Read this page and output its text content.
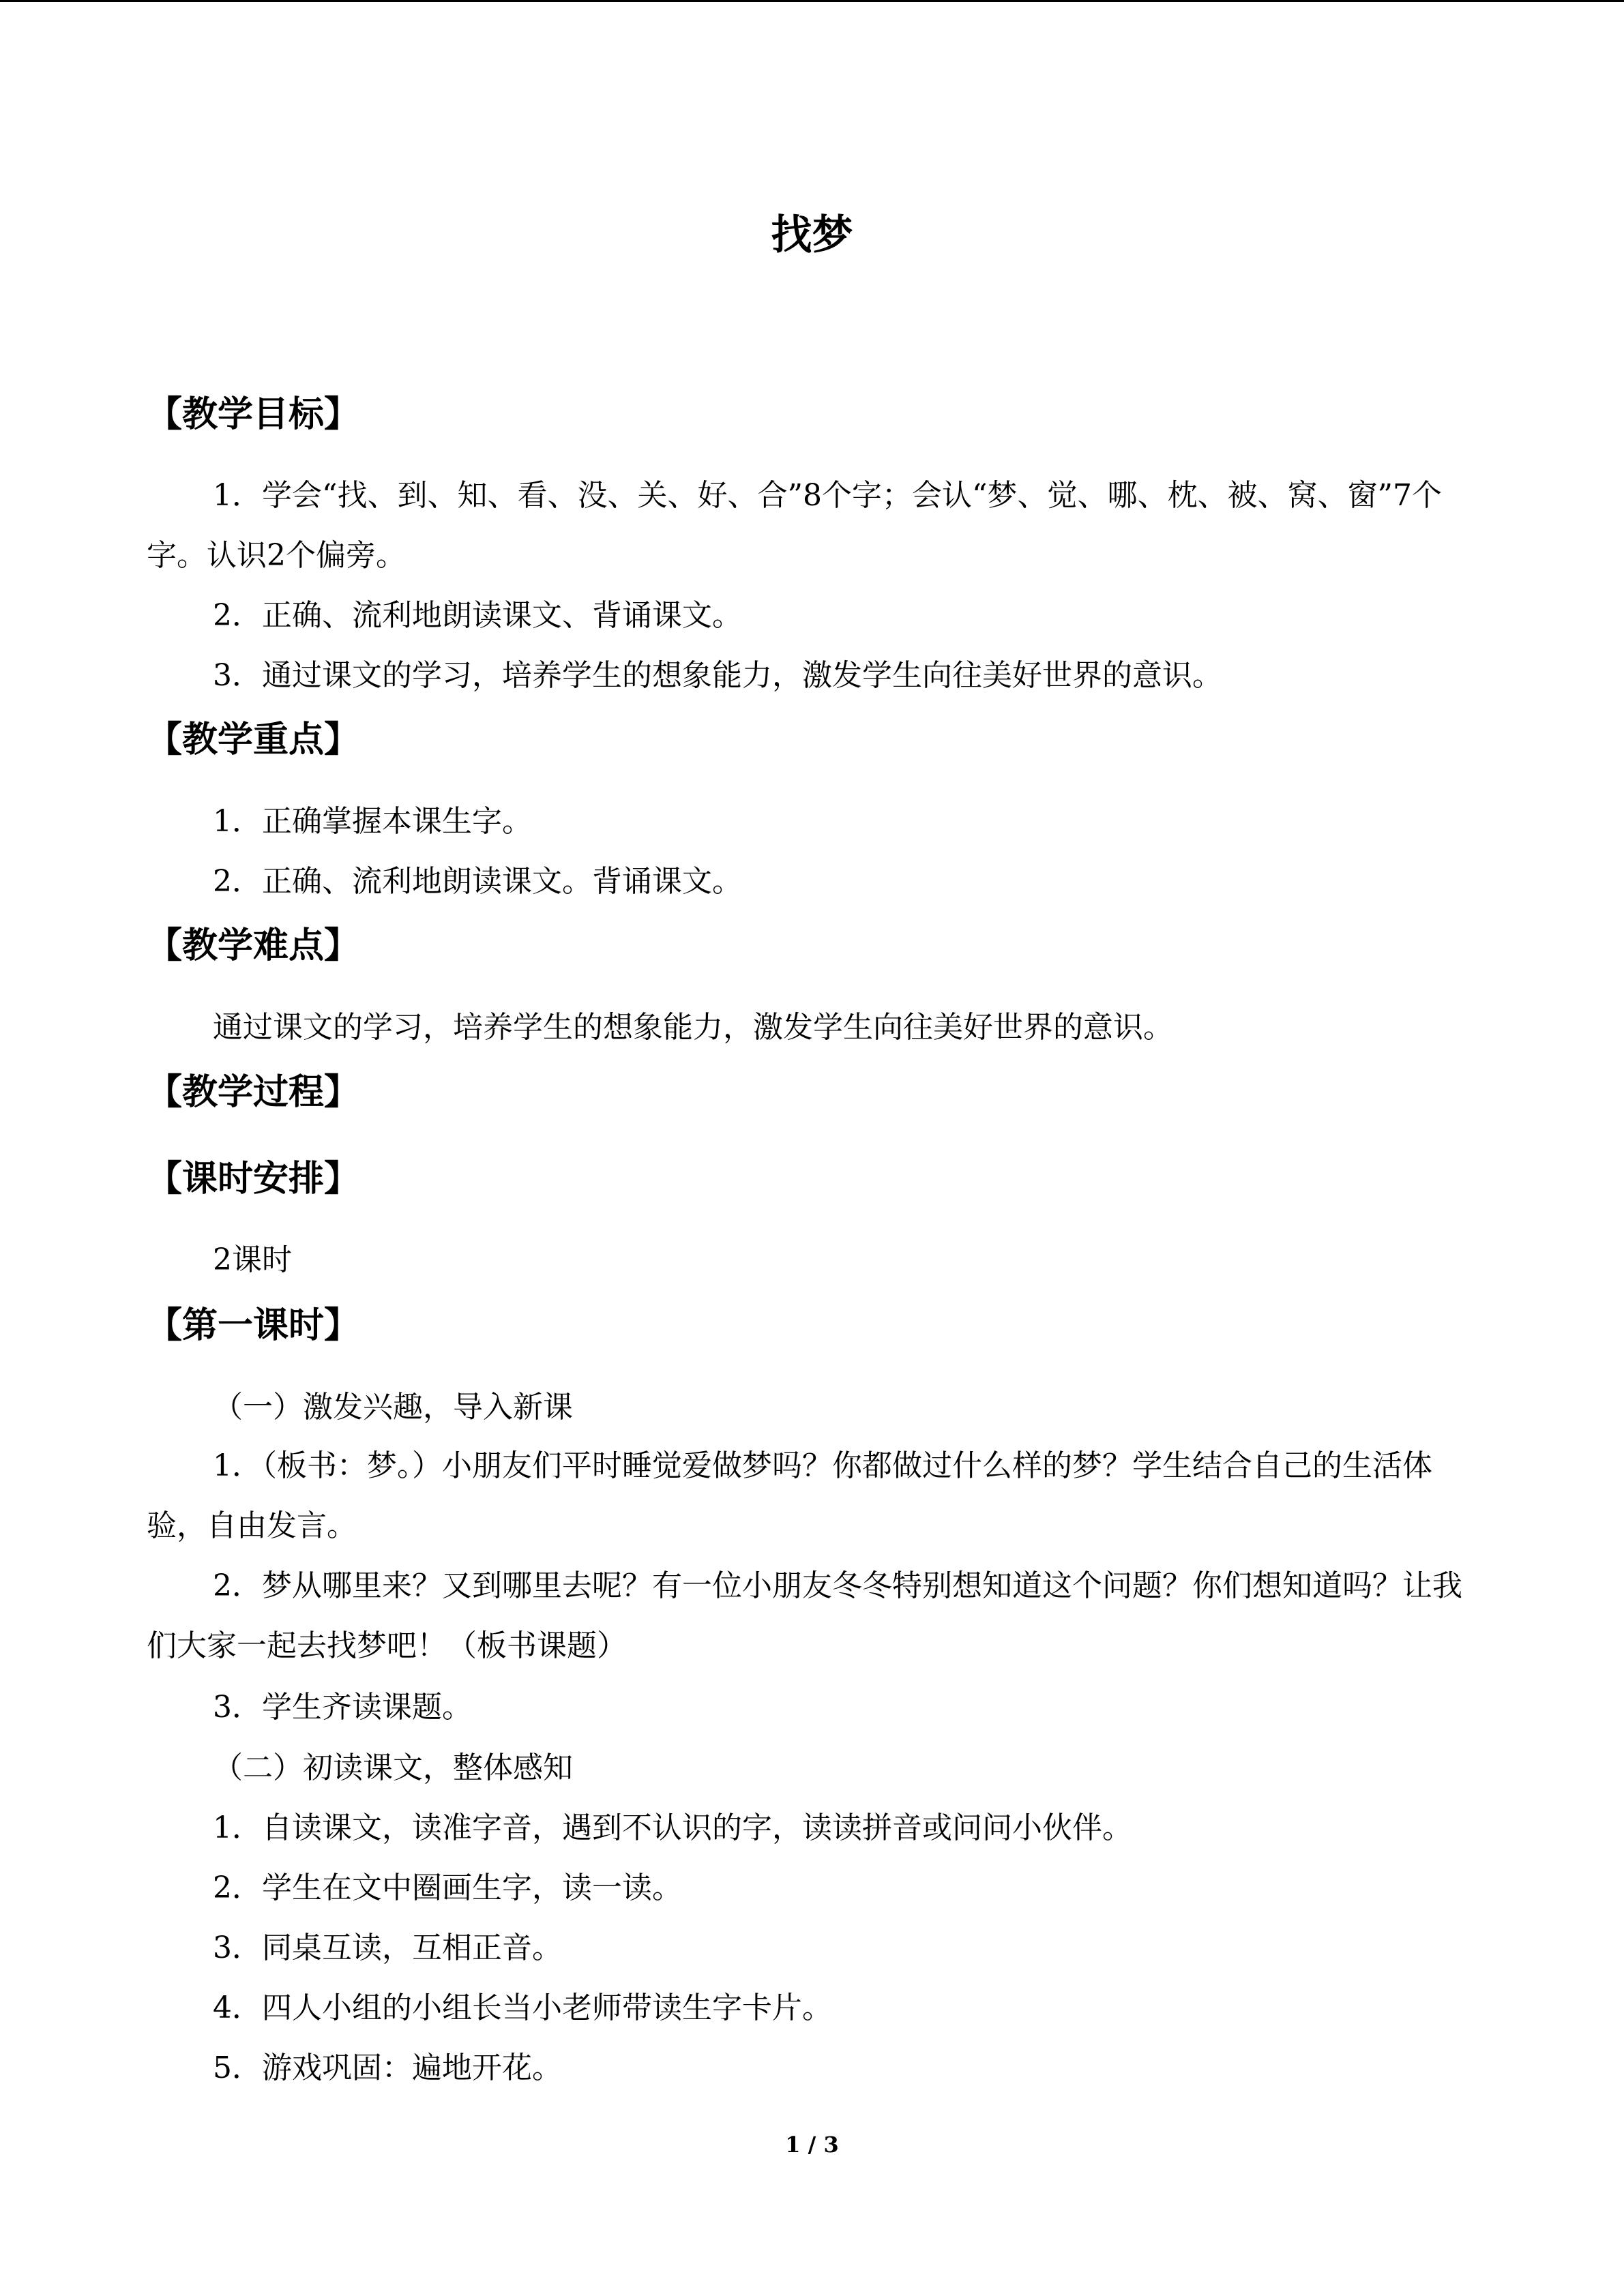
找梦
【教学目标】
1．学会“找、到、知、看、没、关、好、合”8个字；会认“梦、觉、哪、枕、被、窝、窗”7个字。认识2个偏旁。
2．正确、流利地朗读课文、背诵课文。
3．通过课文的学习，培养学生的想象能力，激发学生向往美好世界的意识。
【教学重点】
1．正确掌握本课生字。
2．正确、流利地朗读课文。背诵课文。
【教学难点】
通过课文的学习，培养学生的想象能力，激发学生向往美好世界的意识。
【教学过程】
【课时安排】
2课时
【第一课时】
（一）激发兴趣，导入新课
1．（板书：梦。）小朋友们平时睡觉爱做梦吗？你都做过什么样的梦？学生结合自己的生活体验，自由发言。
2．梦从哪里来？又到哪里去呢？有一位小朋友冬冬特别想知道这个问题？你们想知道吗？让我们大家一起去找梦吧！（板书课题）
3．学生齐读课题。
（二）初读课文，整体感知
1．自读课文，读准字音，遇到不认识的字，读读拼音或问问小伙伴。
2．学生在文中圈画生字，读一读。
3．同桌互读，互相正音。
4．四人小组的小组长当小老师带读生字卡片。
5．游戏巩固：遍地开花。
1 / 3
